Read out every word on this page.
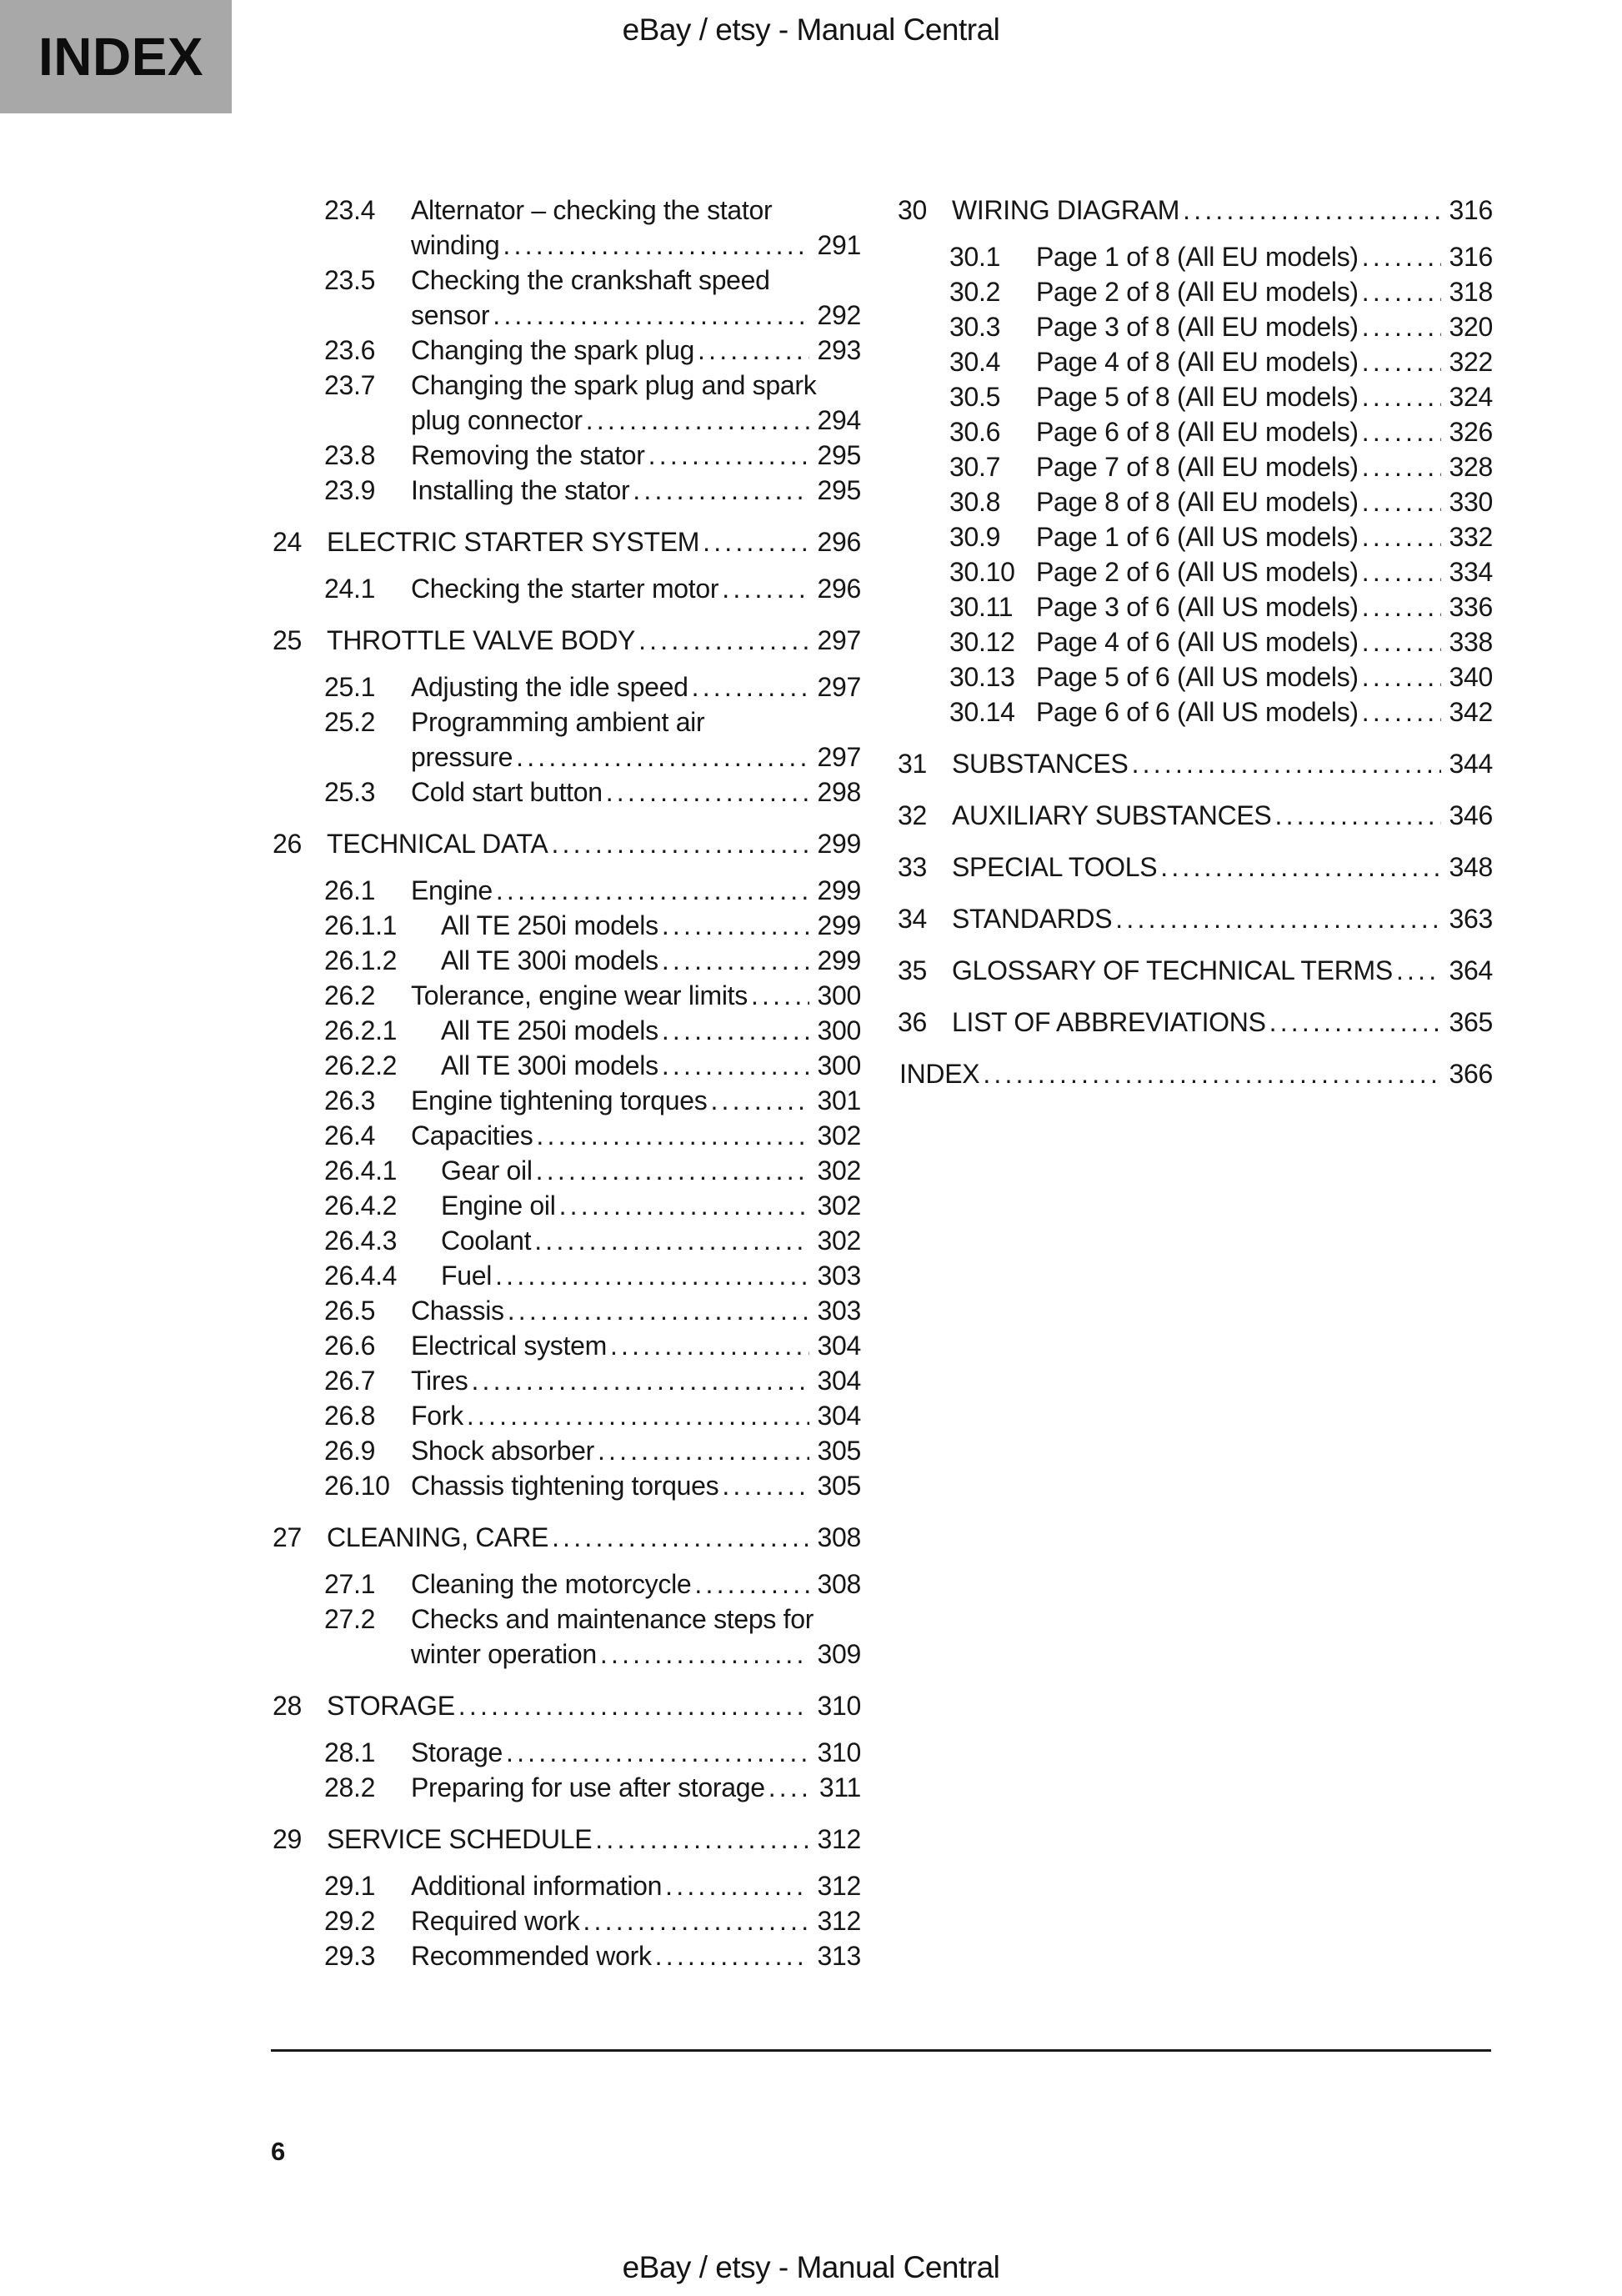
INDEX	eBay / etsy - Manual Central
23.4	Alternator – checking the stator
winding .....	291
23.5	Checking the crankshaft speed
sensor .....	292
23.6	Changing the spark plug .....	293
23.7	Changing the spark plug and spark
plug connector .....	294
23.8	Removing the stator .....	295
23.9	Installing the stator .....	295
24 ELECTRIC STARTER SYSTEM .....	296
24.1	Checking the starter motor .....	296
25 THROTTLE VALVE BODY .....	297
25.1	Adjusting the idle speed .....	297
25.2	Programming ambient air
pressure .....	297
25.3	Cold start button .....	298
26 TECHNICAL DATA .....	299
26.1	Engine .....	299
26.1.1	All TE 250i models .....	299
26.1.2	All TE 300i models .....	299
26.2	Tolerance, engine wear limits .....	300
26.2.1	All TE 250i models .....	300
26.2.2	All TE 300i models .....	300
26.3	Engine tightening torques .....	301
26.4	Capacities .....	302
26.4.1	Gear oil .....	302
26.4.2	Engine oil .....	302
26.4.3	Coolant .....	302
26.4.4	Fuel .....	303
26.5	Chassis .....	303
26.6	Electrical system .....	304
26.7	Tires .....	304
26.8	Fork .....	304
26.9	Shock absorber .....	305
26.10 Chassis tightening torques .....	305
27 CLEANING, CARE .....	308
27.1	Cleaning the motorcycle .....	308
27.2	Checks and maintenance steps for
winter operation .....	309
28 STORAGE .....	310
28.1	Storage .....	310
28.2	Preparing for use after storage ..... 311
29 SERVICE SCHEDULE .....	312
29.1	Additional information .....	312
29.2	Required work .....	312
29.3	Recommended work .....	313
30 WIRING DIAGRAM .....	316
30.1	Page 1 of 8 (All EU models) .....	316
30.2	Page 2 of 8 (All EU models) .....	318
30.3	Page 3 of 8 (All EU models) .....	320
30.4	Page 4 of 8 (All EU models) .....	322
30.5	Page 5 of 8 (All EU models) .....	324
30.6	Page 6 of 8 (All EU models) .....	326
30.7	Page 7 of 8 (All EU models) .....	328
30.8	Page 8 of 8 (All EU models) .....	330
30.9	Page 1 of 6 (All US models) .....	332
30.10 Page 2 of 6 (All US models) .....	334
30.11 Page 3 of 6 (All US models) .....	336
30.12 Page 4 of 6 (All US models) .....	338
30.13 Page 5 of 6 (All US models) .....	340
30.14 Page 6 of 6 (All US models) .....	342
31 SUBSTANCES .....	344
32 AUXILIARY SUBSTANCES .....	346
33 SPECIAL TOOLS .....	348
34 STANDARDS .....	363
35 GLOSSARY OF TECHNICAL TERMS ..... 364
36 LIST OF ABBREVIATIONS .....	365
INDEX .....	366
6
eBay / etsy - Manual Central
